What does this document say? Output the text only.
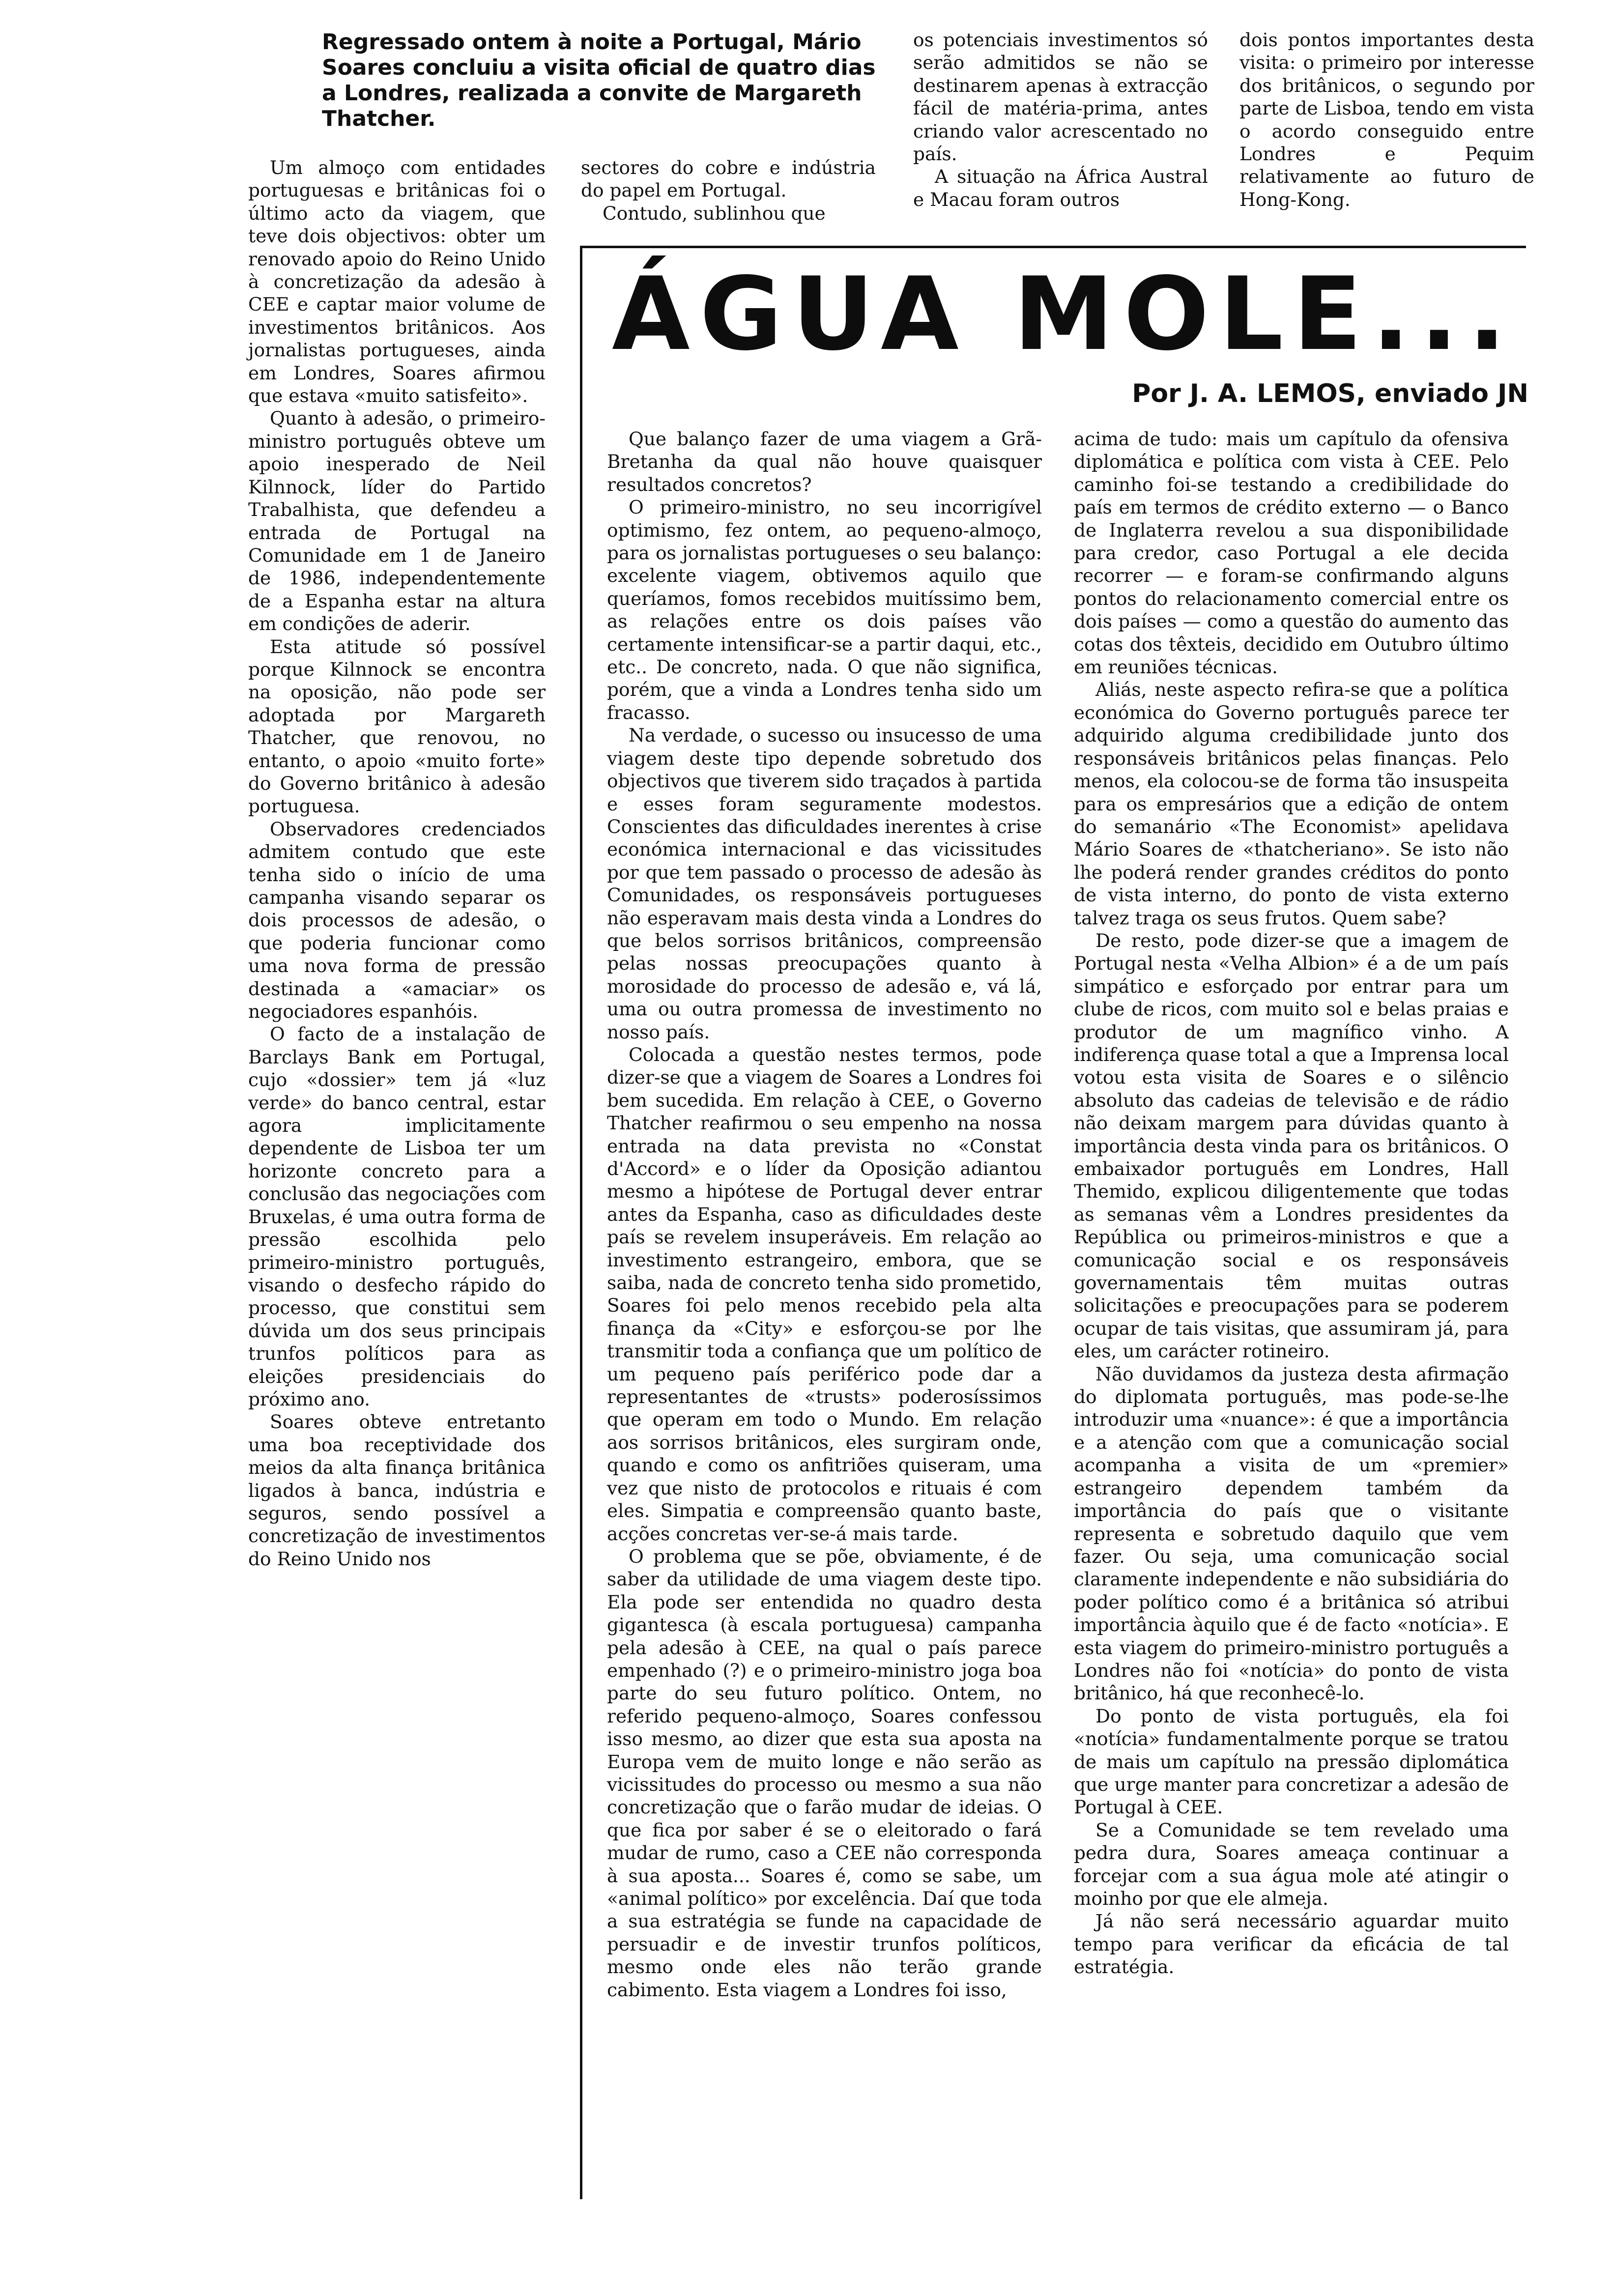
Regressado ontem à noite a Portugal, Mário Soares concluiu a visita oficial de quatro dias a Londres, realizada a convite de Margareth Thatcher.

Um almoço com entidades portuguesas e britânicas foi o último acto da viagem, que teve dois objectivos: obter um renovado apoio do Reino Unido à concretização da adesão à CEE e captar maior volume de investimentos britânicos. Aos jornalistas portugueses, ainda em Londres, Soares afirmou que estava «muito satisfeito».

Quanto à adesão, o primeiro-ministro português obteve um apoio inesperado de Neil Kilnnock, líder do Partido Trabalhista, que defendeu a entrada de Portugal na Comunidade em 1 de Janeiro de 1986, independentemente de a Espanha estar na altura em condições de aderir.

Esta atitude só possível porque Kilnnock se encontra na oposição, não pode ser adoptada por Margareth Thatcher, que renovou, no entanto, o apoio «muito forte» do Governo britânico à adesão portuguesa.

Observadores credenciados admitem contudo que este tenha sido o início de uma campanha visando separar os dois processos de adesão, o que poderia funcionar como uma nova forma de pressão destinada a «amaciar» os negociadores espanhóis.

O facto de a instalação de Barclays Bank em Portugal, cujo «dossier» tem já «luz verde» do banco central, estar agora implicitamente dependente de Lisboa ter um horizonte concreto para a conclusão das negociações com Bruxelas, é uma outra forma de pressão escolhida pelo primeiro-ministro português, visando o desfecho rápido do processo, que constitui sem dúvida um dos seus principais trunfos políticos para as eleições presidenciais do próximo ano.

Soares obteve entretanto uma boa receptividade dos meios da alta finança britânica ligados à banca, indústria e seguros, sendo possível a concretização de investimentos do Reino Unido nos

sectores do cobre e indústria do papel em Portugal.

Contudo, sublinhou que

os potenciais investimentos só serão admitidos se não se destinarem apenas à extracção fácil de matéria-prima, antes criando valor acrescentado no país.

A situação na África Austral e Macau foram outros

dois pontos importantes desta visita: o primeiro por interesse dos britânicos, o segundo por parte de Lisboa, tendo em vista o acordo conseguido entre Londres e Pequim relativamente ao futuro de Hong-Kong.

ÁGUA MOLE...
Por J. A. LEMOS, enviado JN

Que balanço fazer de uma viagem a Grã-Bretanha da qual não houve quaisquer resultados concretos?

O primeiro-ministro, no seu incorrigível optimismo, fez ontem, ao pequeno-almoço, para os jornalistas portugueses o seu balanço: excelente viagem, obtivemos aquilo que queríamos, fomos recebidos muitíssimo bem, as relações entre os dois países vão certamente intensificar-se a partir daqui, etc., etc.. De concreto, nada. O que não significa, porém, que a vinda a Londres tenha sido um fracasso.

Na verdade, o sucesso ou insucesso de uma viagem deste tipo depende sobretudo dos objectivos que tiverem sido traçados à partida e esses foram seguramente modestos. Conscientes das dificuldades inerentes à crise económica internacional e das vicissitudes por que tem passado o processo de adesão às Comunidades, os responsáveis portugueses não esperavam mais desta vinda a Londres do que belos sorrisos britânicos, compreensão pelas nossas preocupações quanto à morosidade do processo de adesão e, vá lá, uma ou outra promessa de investimento no nosso país.

Colocada a questão nestes termos, pode dizer-se que a viagem de Soares a Londres foi bem sucedida. Em relação à CEE, o Governo Thatcher reafirmou o seu empenho na nossa entrada na data prevista no «Constat d'Accord» e o líder da Oposição adiantou mesmo a hipótese de Portugal dever entrar antes da Espanha, caso as dificuldades deste país se revelem insuperáveis. Em relação ao investimento estrangeiro, embora, que se saiba, nada de concreto tenha sido prometido, Soares foi pelo menos recebido pela alta finança da «City» e esforçou-se por lhe transmitir toda a confiança que um político de um pequeno país periférico pode dar a representantes de «trusts» poderosíssimos que operam em todo o Mundo. Em relação aos sorrisos britânicos, eles surgiram onde, quando e como os anfitriões quiseram, uma vez que nisto de protocolos e rituais é com eles. Simpatia e compreensão quanto baste, acções concretas ver-se-á mais tarde.

O problema que se põe, obviamente, é de saber da utilidade de uma viagem deste tipo. Ela pode ser entendida no quadro desta gigantesca (à escala portuguesa) campanha pela adesão à CEE, na qual o país parece empenhado (?) e o primeiro-ministro joga boa parte do seu futuro político. Ontem, no referido pequeno-almoço, Soares confessou isso mesmo, ao dizer que esta sua aposta na Europa vem de muito longe e não serão as vicissitudes do processo ou mesmo a sua não concretização que o farão mudar de ideias. O que fica por saber é se o eleitorado o fará mudar de rumo, caso a CEE não corresponda à sua aposta... Soares é, como se sabe, um «animal político» por excelência. Daí que toda a sua estratégia se funde na capacidade de persuadir e de investir trunfos políticos, mesmo onde eles não terão grande cabimento. Esta viagem a Londres foi isso,

acima de tudo: mais um capítulo da ofensiva diplomática e política com vista à CEE. Pelo caminho foi-se testando a credibilidade do país em termos de crédito externo — o Banco de Inglaterra revelou a sua disponibilidade para credor, caso Portugal a ele decida recorrer — e foram-se confirmando alguns pontos do relacionamento comercial entre os dois países — como a questão do aumento das cotas dos têxteis, decidido em Outubro último em reuniões técnicas.

Aliás, neste aspecto refira-se que a política económica do Governo português parece ter adquirido alguma credibilidade junto dos responsáveis britânicos pelas finanças. Pelo menos, ela colocou-se de forma tão insuspeita para os empresários que a edição de ontem do semanário «The Economist» apelidava Mário Soares de «thatcheriano». Se isto não lhe poderá render grandes créditos do ponto de vista interno, do ponto de vista externo talvez traga os seus frutos. Quem sabe?

De resto, pode dizer-se que a imagem de Portugal nesta «Velha Albion» é a de um país simpático e esforçado por entrar para um clube de ricos, com muito sol e belas praias e produtor de um magnífico vinho. A indiferença quase total a que a Imprensa local votou esta visita de Soares e o silêncio absoluto das cadeias de televisão e de rádio não deixam margem para dúvidas quanto à importância desta vinda para os britânicos. O embaixador português em Londres, Hall Themido, explicou diligentemente que todas as semanas vêm a Londres presidentes da República ou primeiros-ministros e que a comunicação social e os responsáveis governamentais têm muitas outras solicitações e preocupações para se poderem ocupar de tais visitas, que assumiram já, para eles, um carácter rotineiro.

Não duvidamos da justeza desta afirmação do diplomata português, mas pode-se-lhe introduzir uma «nuance»: é que a importância e a atenção com que a comunicação social acompanha a visita de um «premier» estrangeiro dependem também da importância do país que o visitante representa e sobretudo daquilo que vem fazer. Ou seja, uma comunicação social claramente independente e não subsidiária do poder político como é a britânica só atribui importância àquilo que é de facto «notícia». E esta viagem do primeiro-ministro português a Londres não foi «notícia» do ponto de vista britânico, há que reconhecê-lo.

Do ponto de vista português, ela foi «notícia» fundamentalmente porque se tratou de mais um capítulo na pressão diplomática que urge manter para concretizar a adesão de Portugal à CEE.

Se a Comunidade se tem revelado uma pedra dura, Soares ameaça continuar a forcejar com a sua água mole até atingir o moinho por que ele almeja.

Já não será necessário aguardar muito tempo para verificar da eficácia de tal estratégia.
